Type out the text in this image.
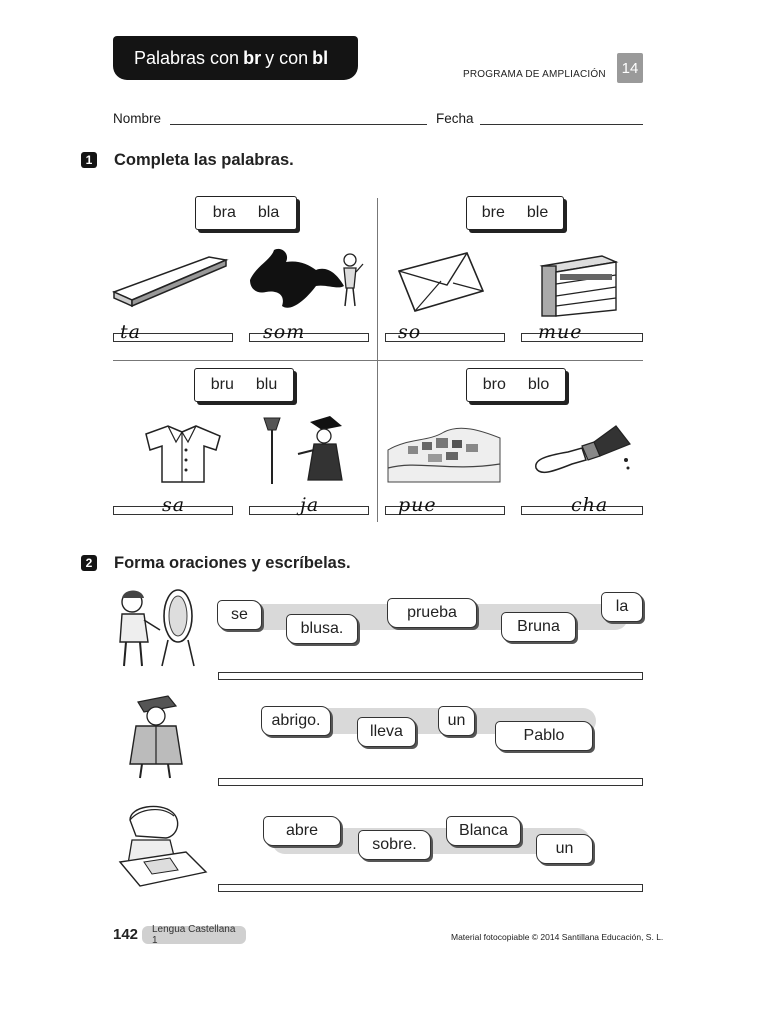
Palabras con br y con bl
PROGRAMA DE AMPLIACIÓN	14
Nombre	Fecha
1 Completa las palabras.
bra bla
ta	som
bre ble
so	mue
bru blu
sa	ja
bro blo
pue	cha
2 Forma oraciones y escríbelas.
se
blusa.
prueba
Bruna
la
abrigo.
lleva
un
Pablo
abre
sobre.
Blanca
un
142	Lengua Castellana 1	Material fotocopiable © 2014 Santillana Educación, S. L.
